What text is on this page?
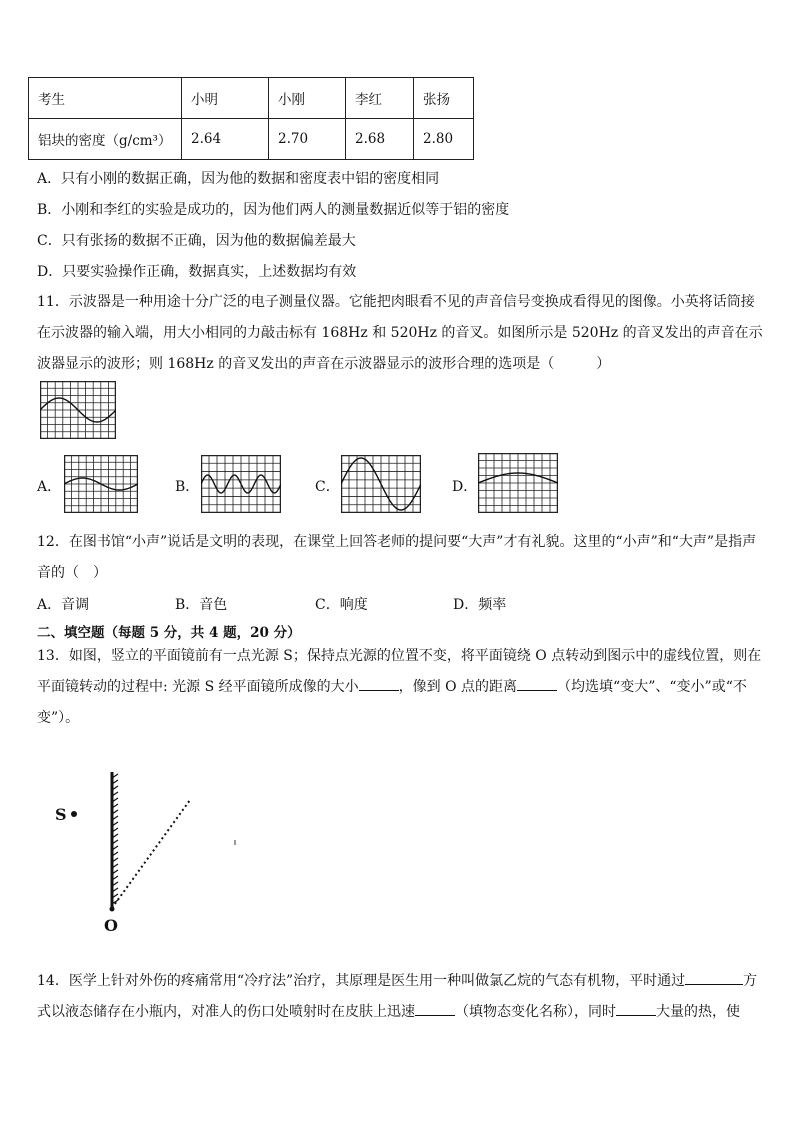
考生	小明	小刚	李红	张扬
铝块的密度（g/cm³）	2.64	2.70	2.68	2.80
A．只有小刚的数据正确，因为他的数据和密度表中铝的密度相同
B．小刚和李红的实验是成功的，因为他们两人的测量数据近似等于铝的密度
C．只有张扬的数据不正确，因为他的数据偏差最大
D．只要实验操作正确，数据真实，上述数据均有效
11．示波器是一种用途十分广泛的电子测量仪器。它能把肉眼看不见的声音信号变换成看得见的图像。小英将话筒接在示波器的输入端，用大小相同的力敲击标有 168Hz 和 520Hz 的音叉。如图所示是 520Hz 的音叉发出的声音在示波器显示的波形；则 168Hz 的音叉发出的声音在示波器显示的波形合理的选项是（　　　）
A．	B．	C．	D．
12．在图书馆“小声”说话是文明的表现，在课堂上回答老师的提问要“大声”才有礼貌。这里的“小声”和“大声”是指声音的（　）
A．音调	B．音色	C．响度	D．频率
二、填空题（每题 5 分，共 4 题，20 分）
13．如图，竖立的平面镜前有一点光源 S；保持点光源的位置不变，将平面镜绕 O 点转动到图示中的虚线位置，则在平面镜转动的过程中: 光源 S 经平面镜所成像的大小	，像到 O 点的距离	（均选填“变大”、“变小”或“不变”）。
S
O
14．医学上针对外伤的疼痛常用“冷疗法”治疗，其原理是医生用一种叫做氯乙烷的气态有机物，平时通过	方式以液态储存在小瓶内，对准人的伤口处喷射时在皮肤上迅速	（填物态变化名称），同时	大量的热，使
